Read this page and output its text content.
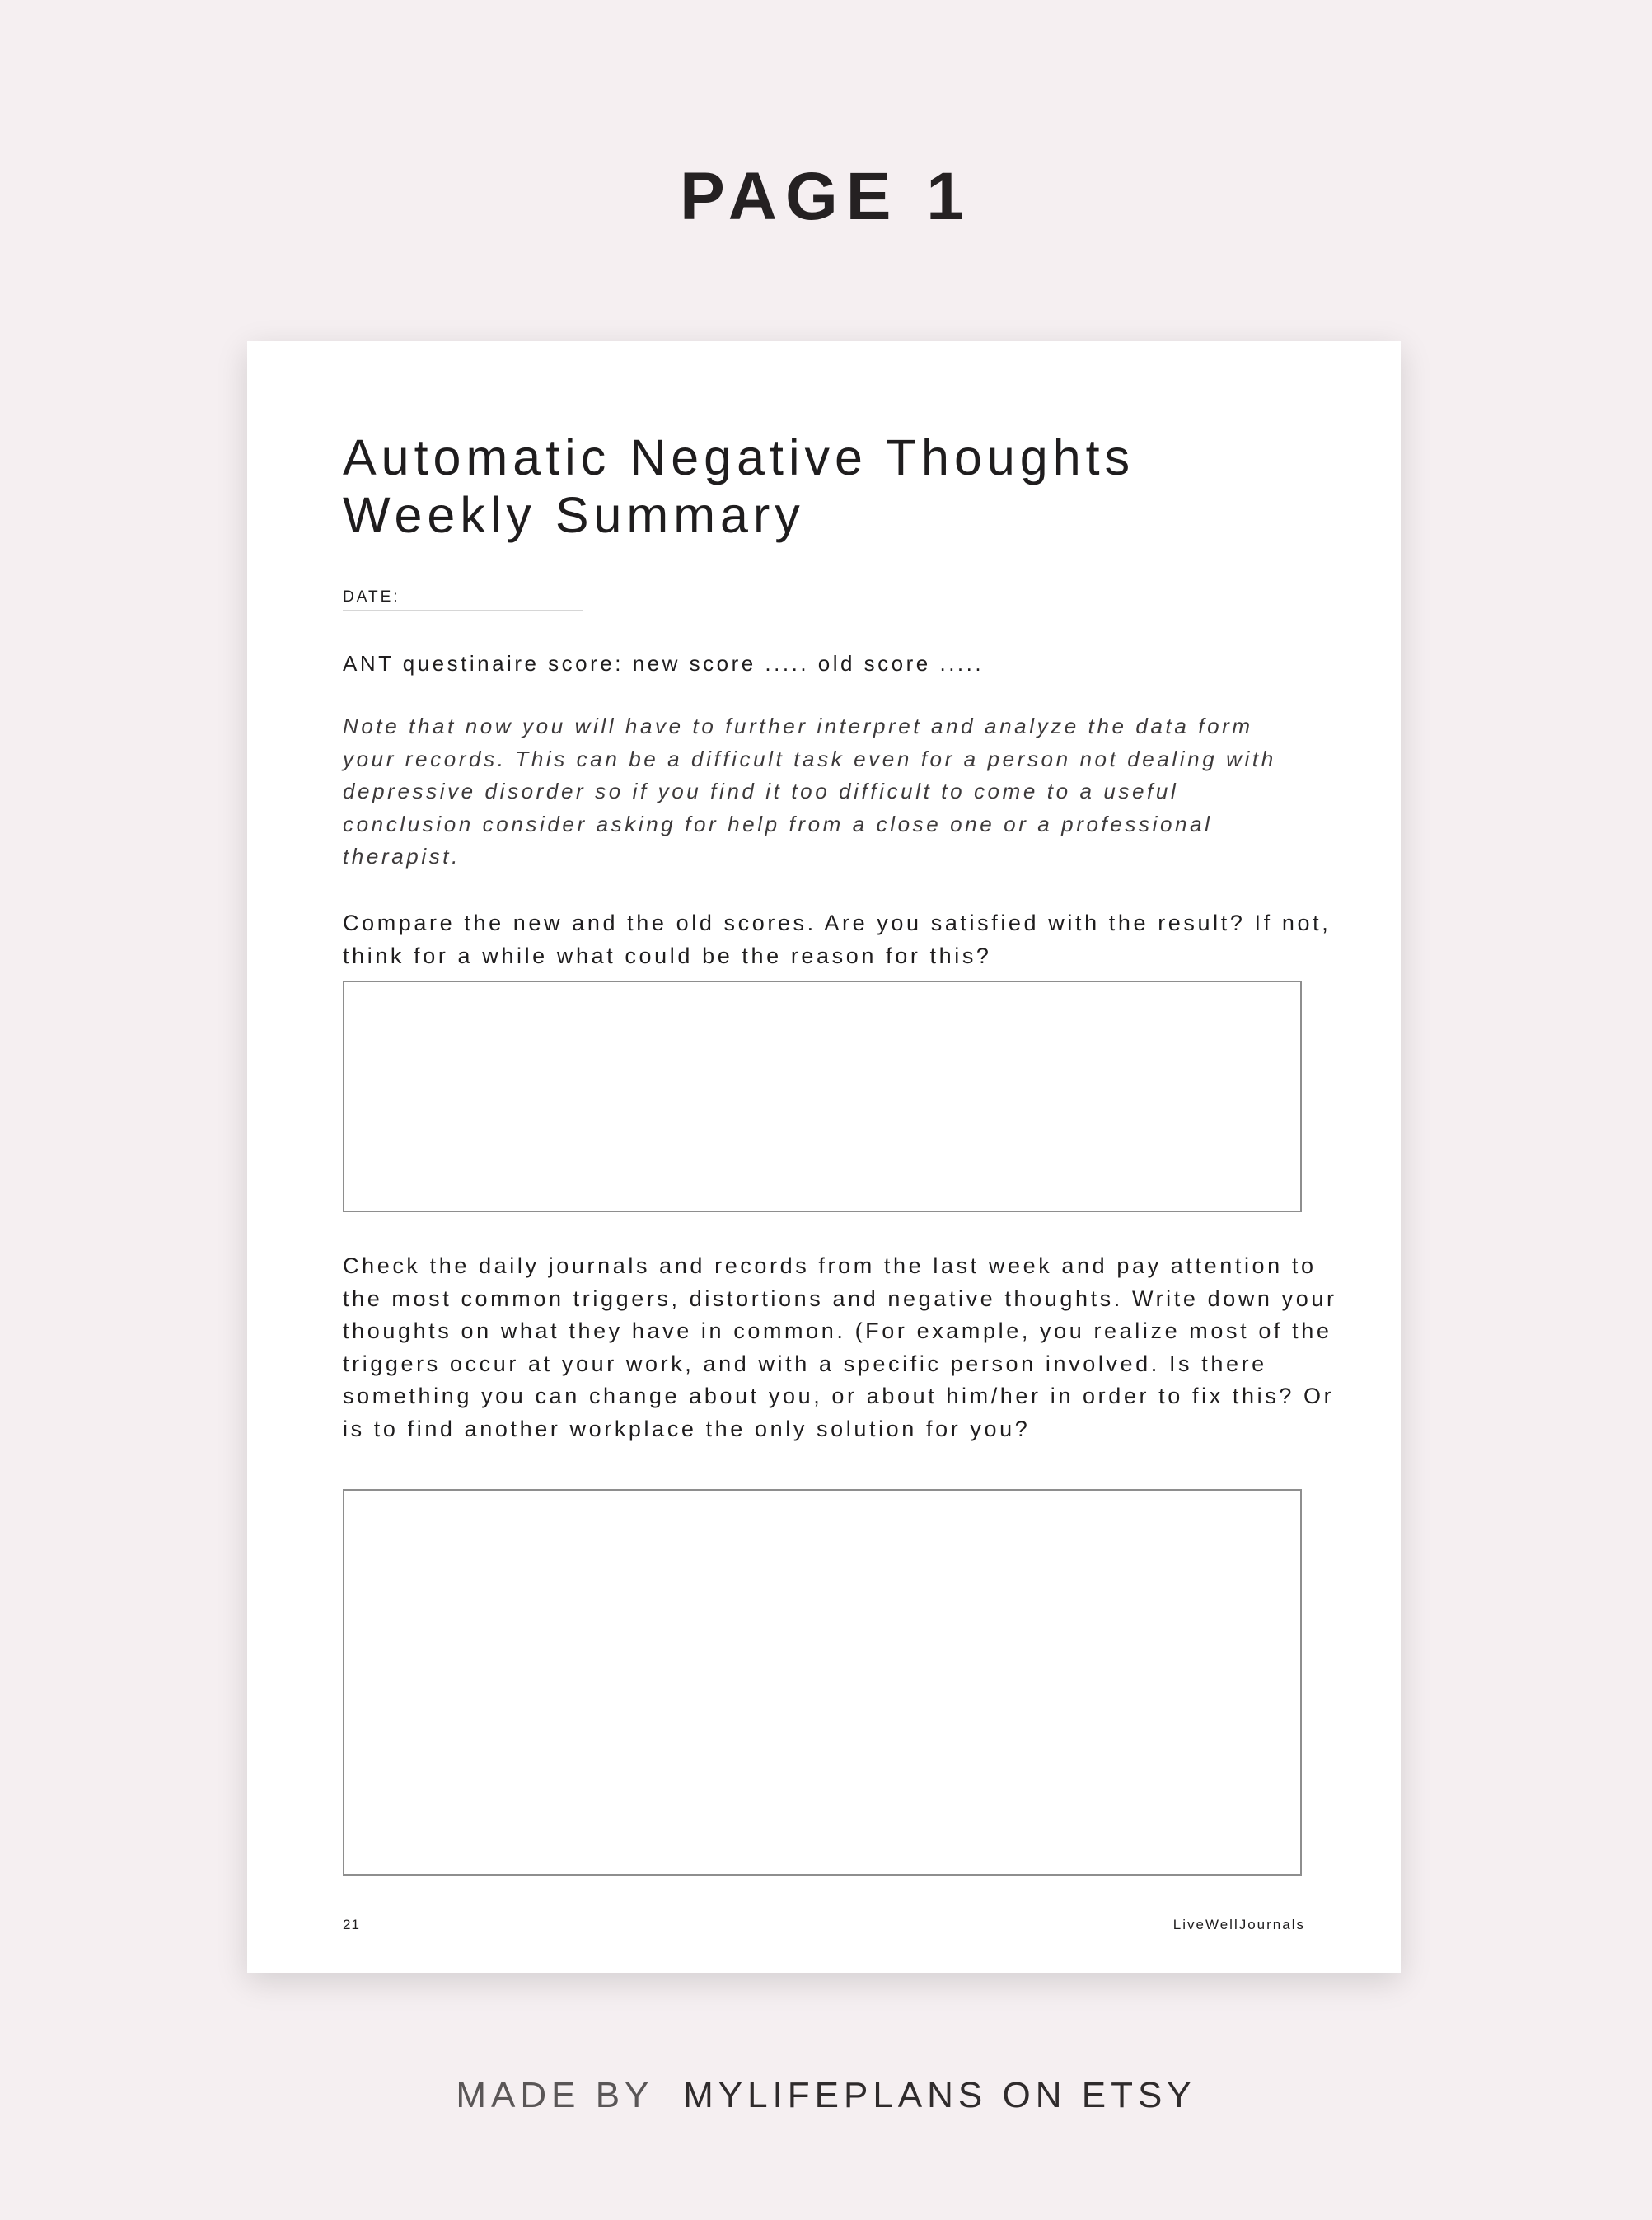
PAGE 1
Automatic Negative Thoughts
Weekly Summary
DATE:
ANT questinaire score: new score ..... old score .....

Note that now you will have to further interpret and analyze the data form your records. This can be a difficult task even for a person not dealing with depressive disorder so if you find it too difficult to come to a useful conclusion consider asking for help from a close one or a professional therapist.

Compare the new and the old scores. Are you satisfied with the result? If not, think for a while what could be the reason for this?

Check the daily journals and records from the last week and pay attention to the most common triggers, distortions and negative thoughts. Write down your thoughts on what they have in common. (For example, you realize most of the triggers occur at your work, and with a specific person involved. Is there something you can change about you, or about him/her in order to fix this? Or is to find another workplace the only solution for you?

21	LiveWellJournals
MADE BY MYLIFEPLANS ON ETSY
